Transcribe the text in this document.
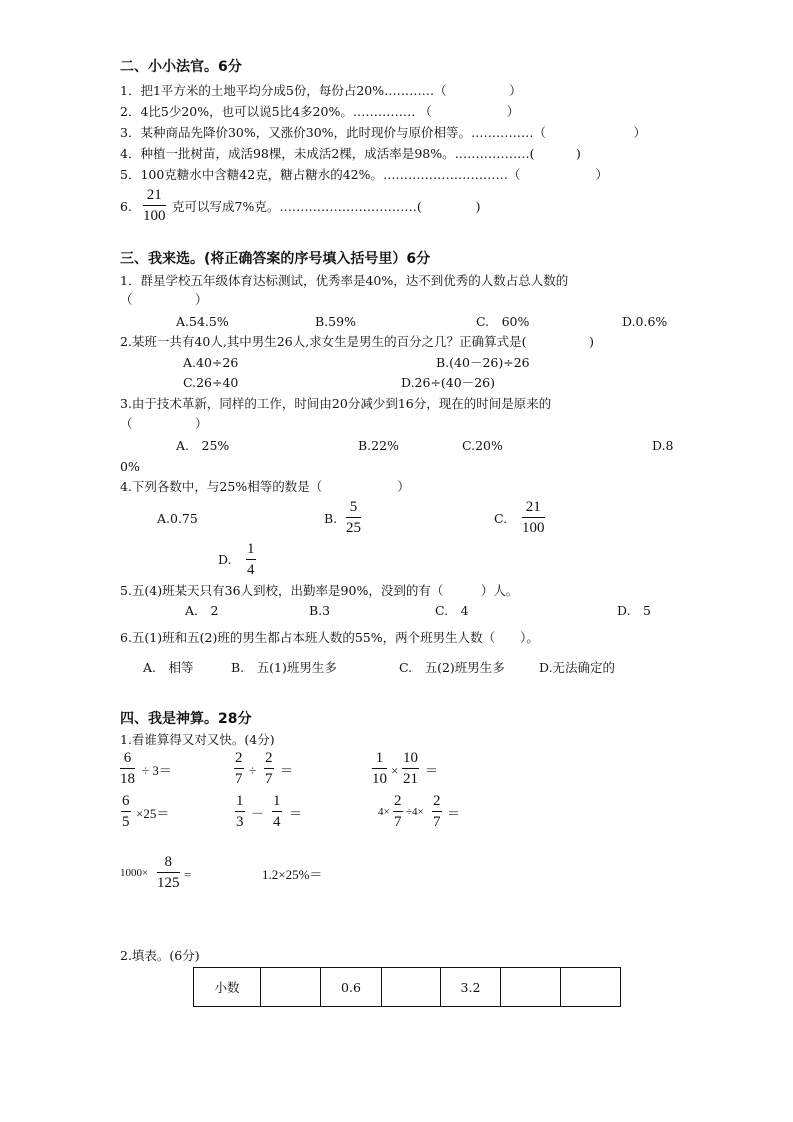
二、小小法官。6分
1．把1平方米的土地平均分成5份，每份占20%…………（　　　　　）
2．4比5少20%，也可以说5比4多20%。…………… （　　　　　　）
3．某种商品先降价30%，又涨价30%，此时现价与原价相等。……………（　　　　　　　）
4．种植一批树苗，成活98棵，未成活2棵，成活率是98%。………………(　　　 )
5．100克糖水中含糖42克，糖占糖水的42%。…………………………（　　　　　　）
6.
21
100
克可以写成7%克。……………………………(　　　　 )
三、我来选。(将正确答案的序号填入括号里）6分
1．群星学校五年级体育达标测试，优秀率是40%，达不到优秀的人数占总人数的
（　　　　　）
A.54.5%	B.59%	C.　60%	D.0.6%
2.某班一共有40人,其中男生26人,求女生是男生的百分之几？正确算式是(　　　　　)
A.40÷26	B.(40－26)÷26
C.26÷40	D.26÷(40－26)
3.由于技术革新，同样的工作，时间由20分减少到16分，现在的时间是原来的
（　　　　　）
A.　25%	B.22%	C.20%	D.8
0%
4.下列各数中，与25%相等的数是（　　　　　　）
A.0.75	B.
5
25
C.
21
100
D.
1
4
5.五(4)班某天只有36人到校，出勤率是90%，没到的有（　　　）人。
A.　2	B.3	C.　4	D.　5
6.五(1)班和五(2)班的男生都占本班人数的55%，两个班男生人数（　　）。
A.　相等	B.　五(1)班男生多	C.　五(2)班男生多	D.无法确定的
四、我是神算。28分
1.看谁算得又对又快。(4分)
6
18
÷ 3＝
2
7
÷
2
7
＝
1
10
×
10
21
＝
6
5
×25＝
1
3
－
1
4
＝	4×
2
7
÷4×
2
7
＝
1000×
8
125
=	1.2×25%＝
2.填表。(6分)
小数		0.6		3.2		
